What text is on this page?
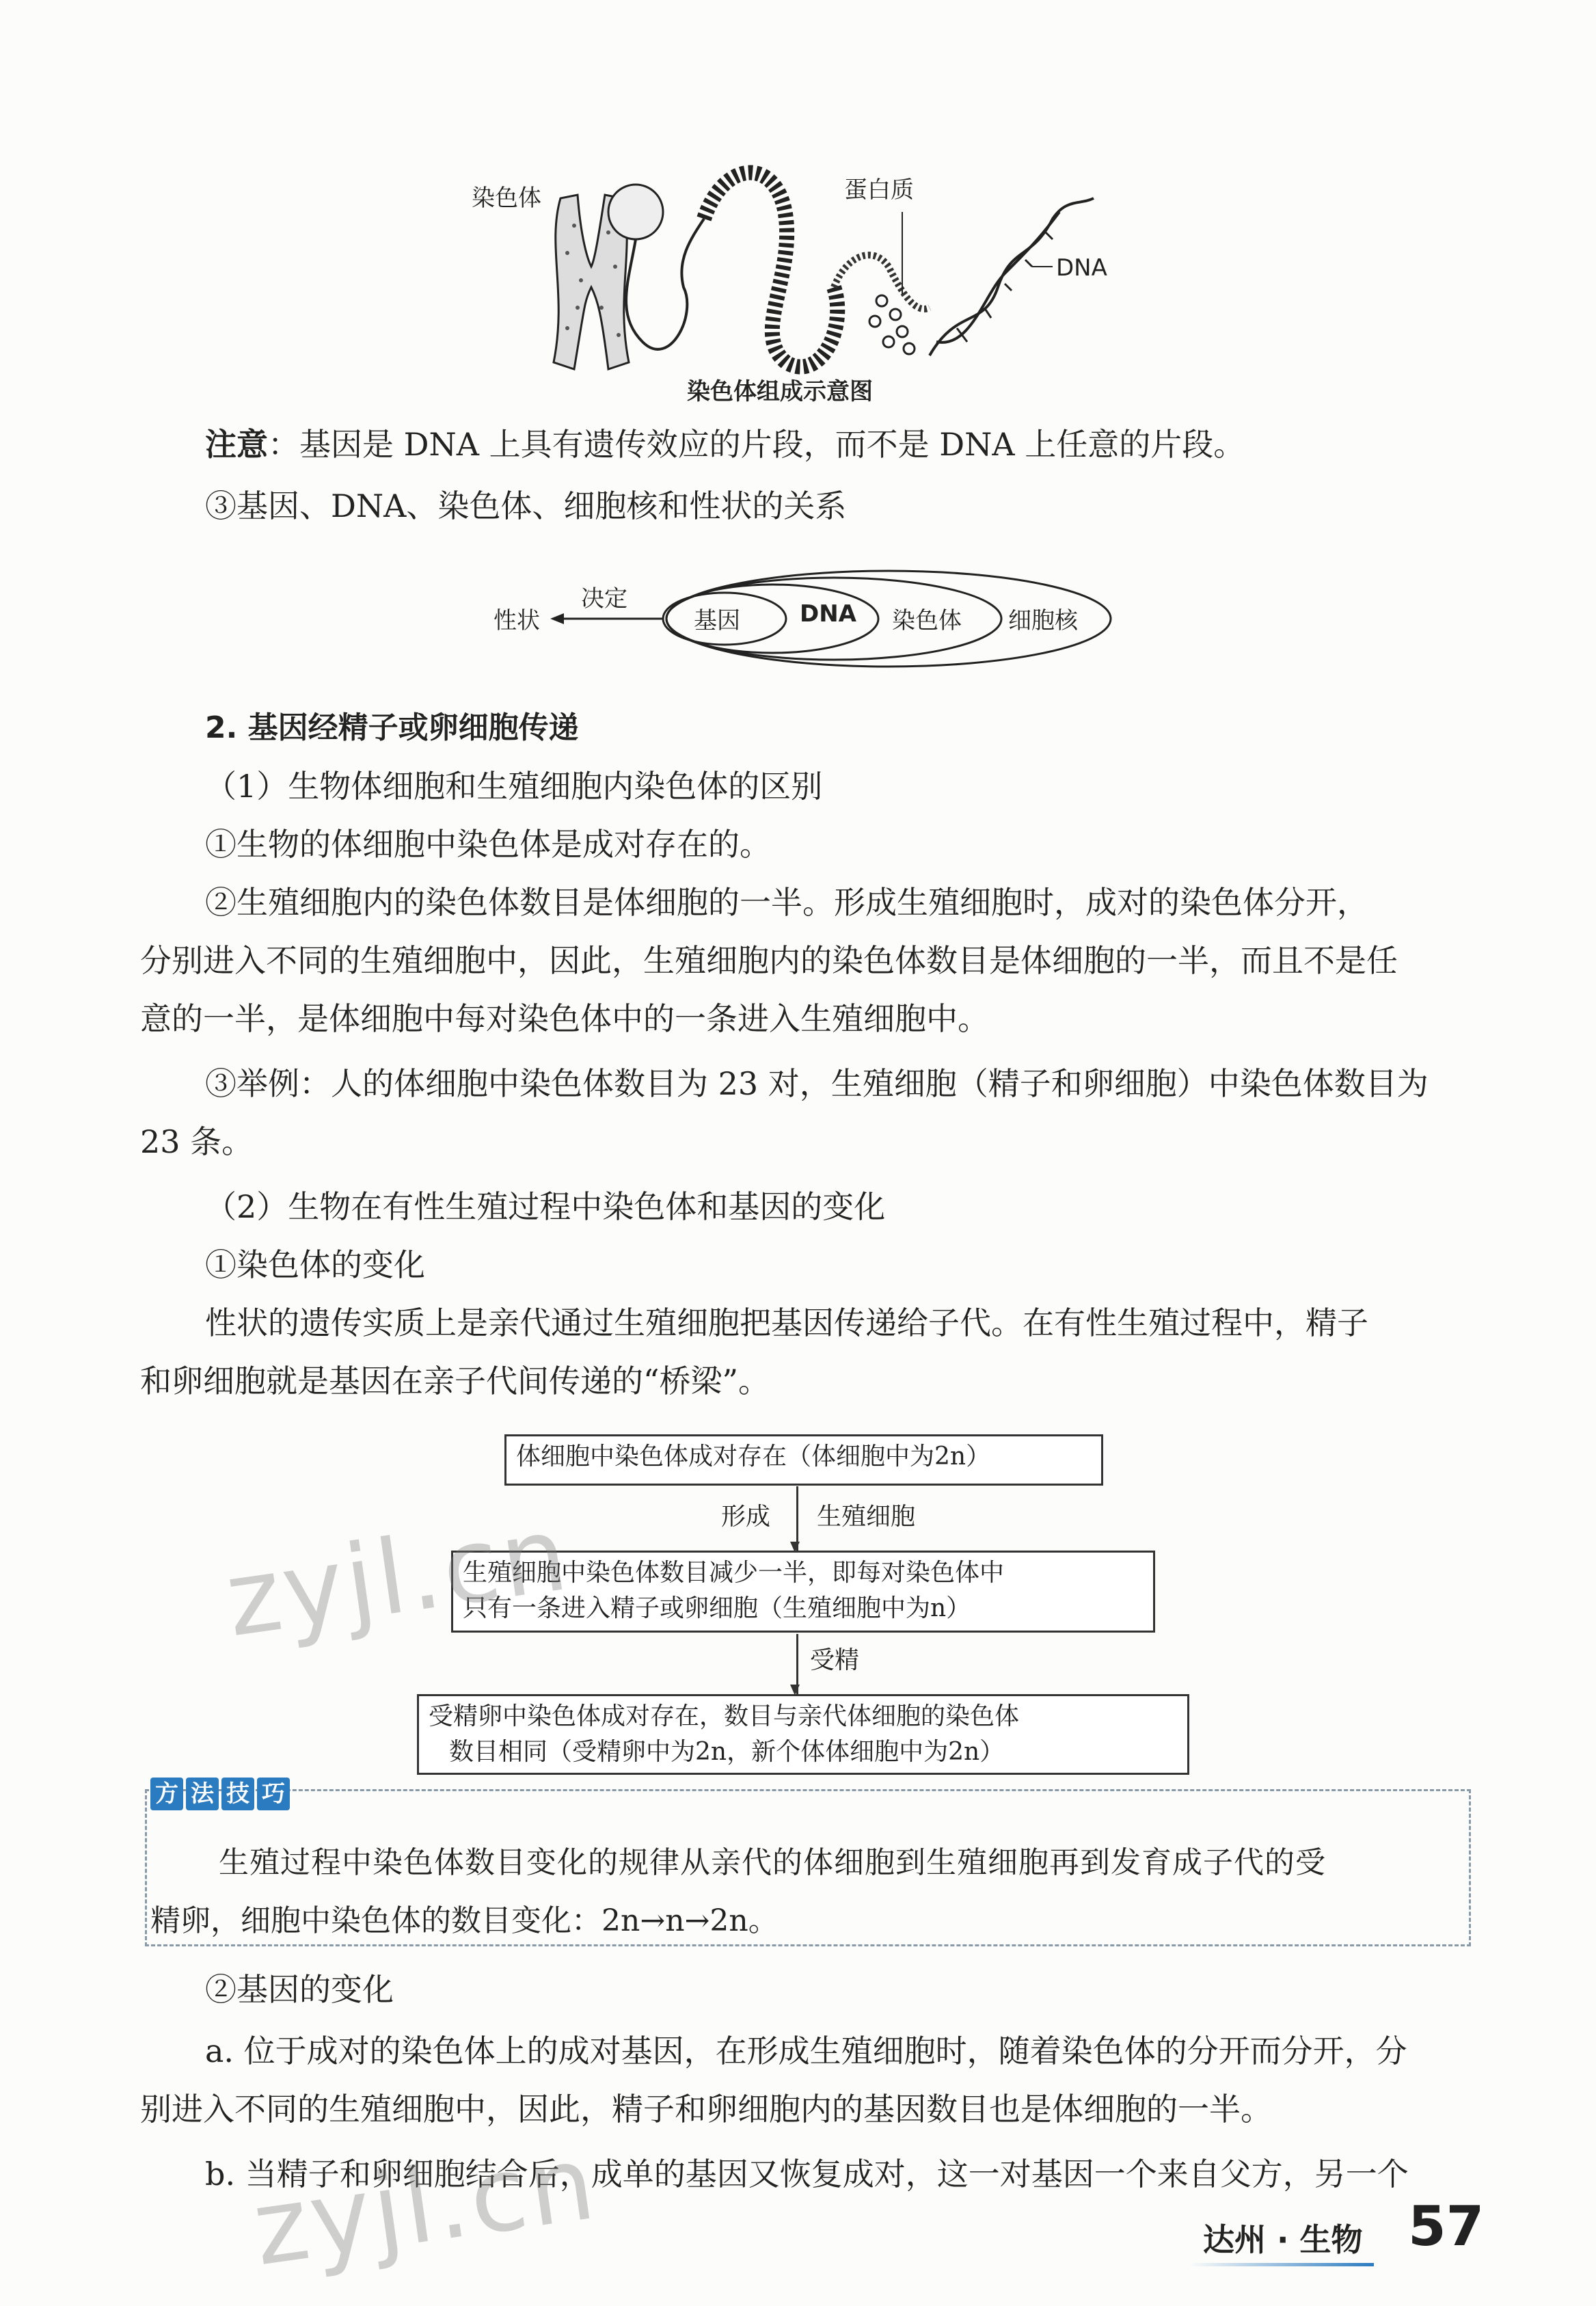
染色体	蛋白质
DNA
染色体组成示意图
注意：基因是 DNA 上具有遗传效应的片段，而不是 DNA 上任意的片段。
③基因、DNA、染色体、细胞核和性状的关系
性状
决定
基因	DNA 染色体 细胞核
2. 基因经精子或卵细胞传递
（1）生物体细胞和生殖细胞内染色体的区别
①生物的体细胞中染色体是成对存在的。
②生殖细胞内的染色体数目是体细胞的一半。形成生殖细胞时，成对的染色体分开，
分别进入不同的生殖细胞中，因此，生殖细胞内的染色体数目是体细胞的一半，而且不是任
意的一半，是体细胞中每对染色体中的一条进入生殖细胞中。
③举例：人的体细胞中染色体数目为 23 对，生殖细胞（精子和卵细胞）中染色体数目为
23 条。
（2）生物在有性生殖过程中染色体和基因的变化
①染色体的变化
性状的遗传实质上是亲代通过生殖细胞把基因传递给子代。在有性生殖过程中，精子
和卵细胞就是基因在亲子代间传递的“桥梁”。
体细胞中染色体成对存在（体细胞中为2n）
形成 生殖细胞
生殖细胞中染色体数目减少一半，即每对染色体中
只有一条进入精子或卵细胞（生殖细胞中为n）
受精
受精卵中染色体成对存在，数目与亲代体细胞的染色体
数目相同（受精卵中为2n，新个体体细胞中为2n）
方 法 技 巧
生殖过程中染色体数目变化的规律从亲代的体细胞到生殖细胞再到发育成子代的受
精卵，细胞中染色体的数目变化：2n→n→2n。
②基因的变化
a. 位于成对的染色体上的成对基因，在形成生殖细胞时，随着染色体的分开而分开，分
别进入不同的生殖细胞中，因此，精子和卵细胞内的基因数目也是体细胞的一半。
b. 当精子和卵细胞结合后，成单的基因又恢复成对，这一对基因一个来自父方，另一个
达州 · 生物 57
zyjl.cn
zyjl.cn
